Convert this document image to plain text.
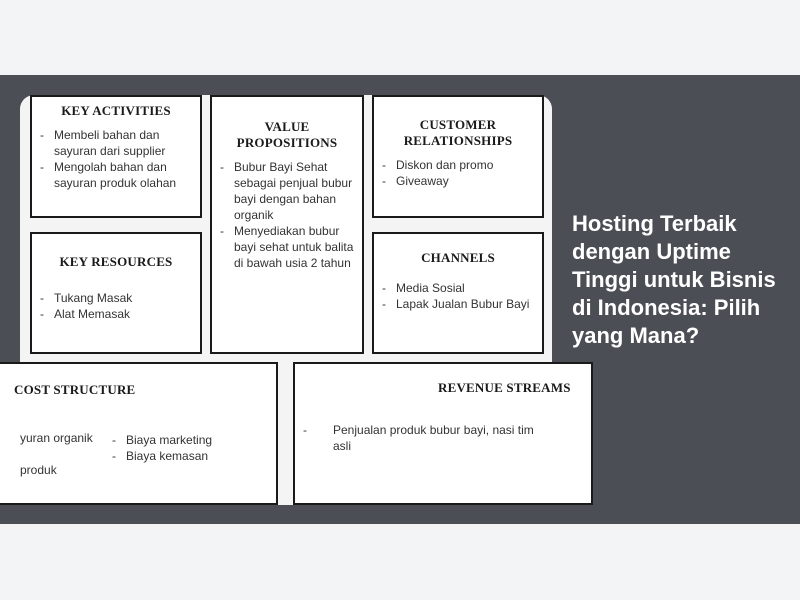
KEY ACTIVITIES
- Membeli bahan dan sayuran dari supplier
- Mengolah bahan dan sayuran produk olahan
VALUE
PROPOSITIONS
- Bubur Bayi Sehat sebagai penjual bubur bayi dengan bahan organik
- Menyediakan bubur bayi sehat untuk balita di bawah usia 2 tahun
CUSTOMER
RELATIONSHIPS
- Diskon dan promo
- Giveaway
KEY RESOURCES
- Tukang Masak
- Alat Memasak
CHANNELS
- Media Sosial
- Lapak Jualan Bubur Bayi
COST STRUCTURE
yuran organik
produk
- Biaya marketing
- Biaya kemasan
REVENUE STREAMS
- Penjualan produk bubur bayi, nasi tim asli
Hosting Terbaik dengan Uptime Tinggi untuk Bisnis di Indonesia: Pilih yang Mana?
